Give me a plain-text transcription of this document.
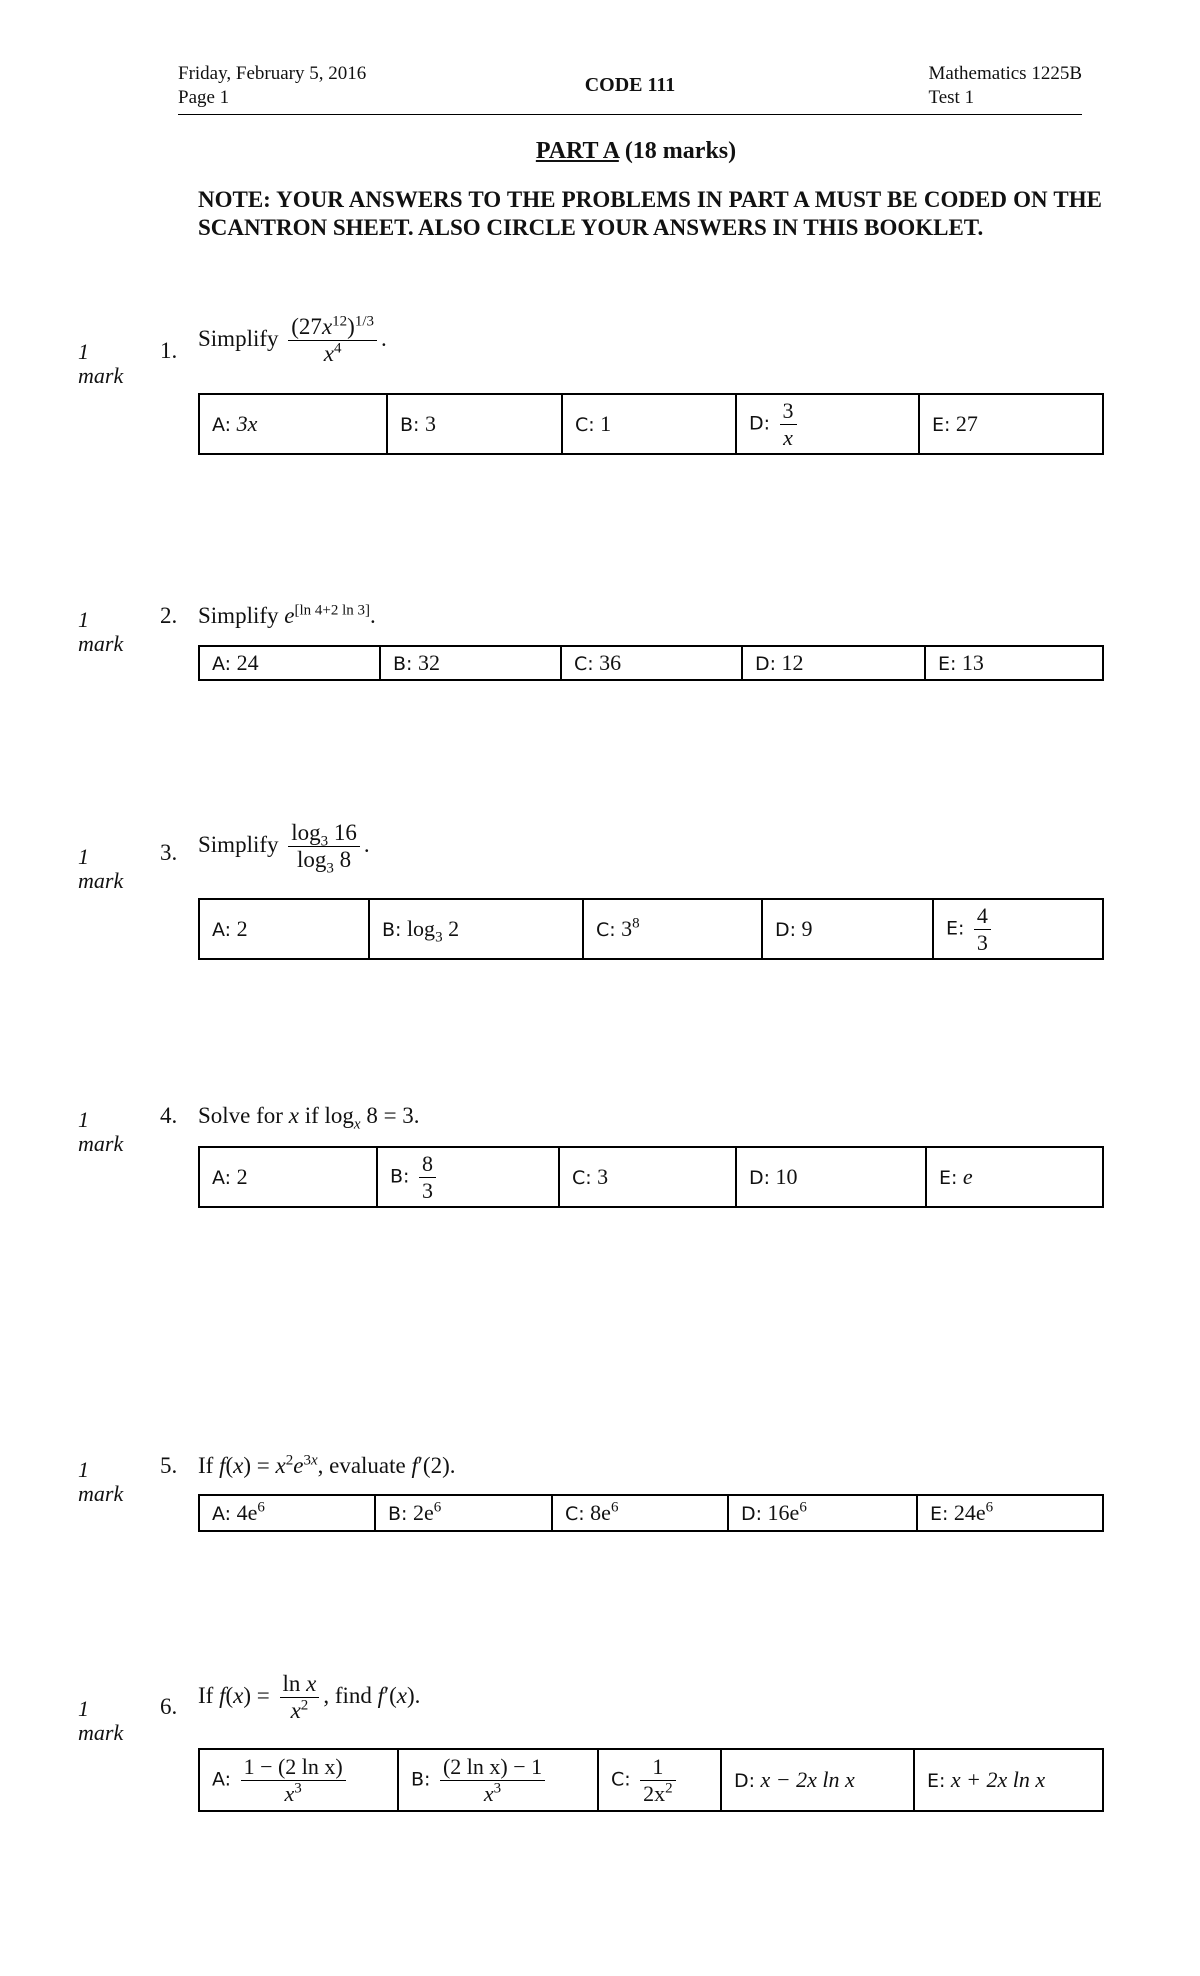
Friday, February 5, 2016
Page 1
CODE 111
Mathematics 1225B
Test 1
PART A (18 marks)
NOTE: YOUR ANSWERS TO THE PROBLEMS IN PART A MUST BE CODED ON THE SCANTRON SHEET. ALSO CIRCLE YOUR ANSWERS IN THIS BOOKLET.
1
mark
1. Simplify $\frac{(27x^{12})^{1/3}}{x^4}$ .
A: 3x	B: 3	C: 1	D: $\frac{3}{x}$	E: 27
1
mark
2. Simplify e[ln 4+2 ln 3].
A: 24	B: 32	C: 36	D: 12	E: 13
1
mark
3. Simplify $\frac{\log_3 16}{\log_3 8}$ .
A: 2	B: $\log_3 2$	C: $3^8$	D: 9	E: $\frac{4}{3}$
1
mark
4. Solve for x if $\log_x 8 = 3$.
A: 2	B: $\frac{8}{3}$	C: 3	D: 10	E: e
1
mark
5. If $f(x) = x^2e^{3x}$, evaluate f′(2).
A: $4e^6$	B: $2e^6$	C: $8e^6$	D: $16e^6$	E: $24e^6$
1
mark
6. If $f(x) = \frac{\text{ln x}}{x^2}$ , find f′(x).
A: $\frac{\text{1 − (2 ln x)}}{x^3}$	B: $\frac{\text{(2 ln x) − 1}}{x^3}$	C: $\frac{1}{2x^2}$	D: x − 2x ln x	E: x + 2x ln x
